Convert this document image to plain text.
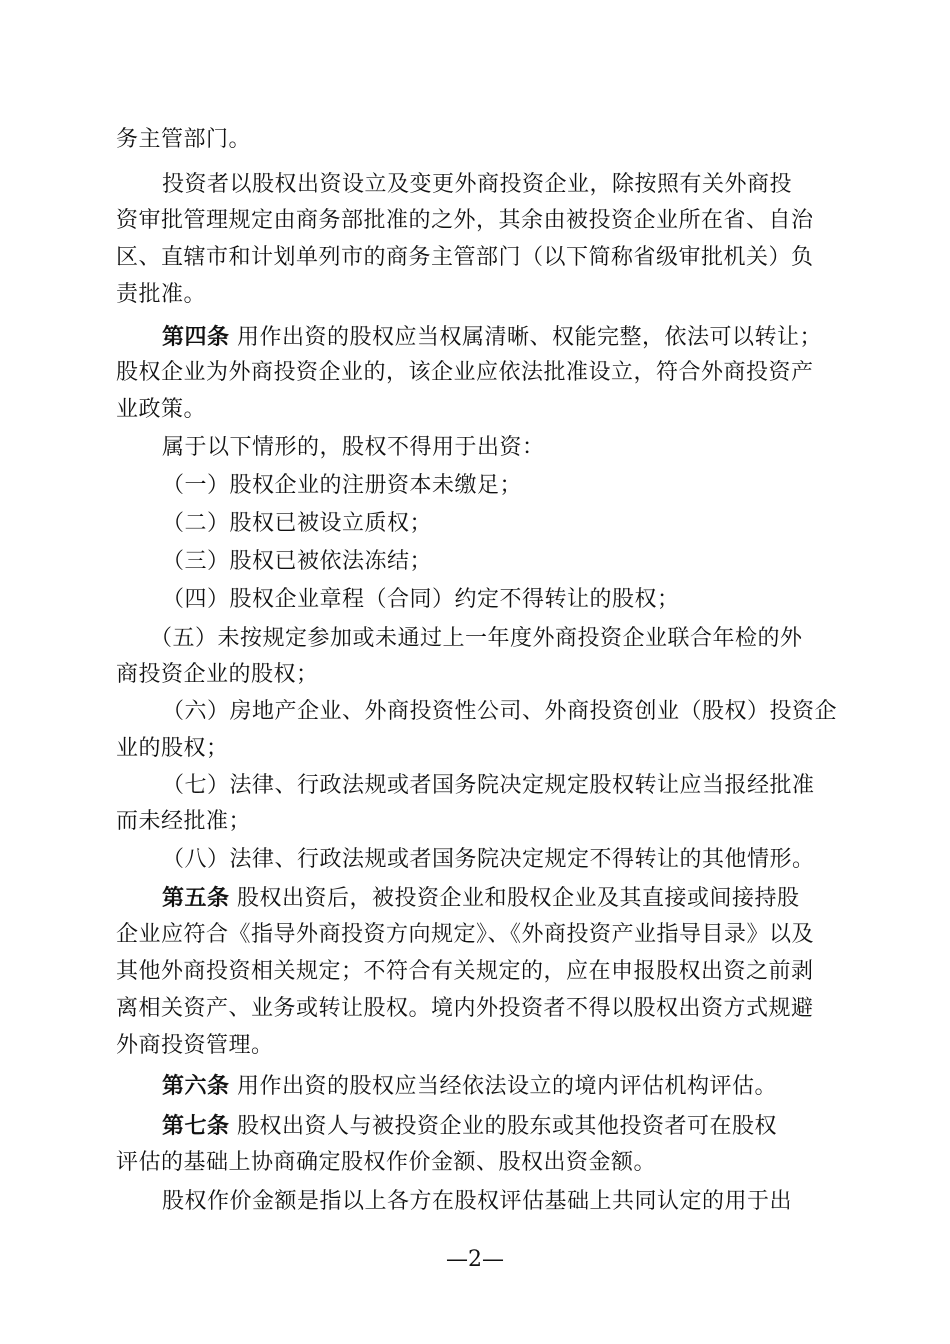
务主管部门。
投资者以股权出资设立及变更外商投资企业，除按照有关外商投
资审批管理规定由商务部批准的之外，其余由被投资企业所在省、自治
区、直辖市和计划单列市的商务主管部门（以下简称省级审批机关）负
责批准。
第四条 用作出资的股权应当权属清晰、权能完整，依法可以转让；
股权企业为外商投资企业的，该企业应依法批准设立，符合外商投资产
业政策。
属于以下情形的，股权不得用于出资：
（一）股权企业的注册资本未缴足；
（二）股权已被设立质权；
（三）股权已被依法冻结；
（四）股权企业章程（合同）约定不得转让的股权；
（五）未按规定参加或未通过上一年度外商投资企业联合年检的外
商投资企业的股权；
（六）房地产企业、外商投资性公司、外商投资创业（股权）投资企
业的股权；
（七）法律、行政法规或者国务院决定规定股权转让应当报经批准
而未经批准；
（八）法律、行政法规或者国务院决定规定不得转让的其他情形。
第五条 股权出资后，被投资企业和股权企业及其直接或间接持股
企业应符合《指导外商投资方向规定》、《外商投资产业指导目录》以及
其他外商投资相关规定；不符合有关规定的，应在申报股权出资之前剥
离相关资产、业务或转让股权。境内外投资者不得以股权出资方式规避
外商投资管理。
第六条 用作出资的股权应当经依法设立的境内评估机构评估。
第七条 股权出资人与被投资企业的股东或其他投资者可在股权
评估的基础上协商确定股权作价金额、股权出资金额。
股权作价金额是指以上各方在股权评估基础上共同认定的用于出
—2—
